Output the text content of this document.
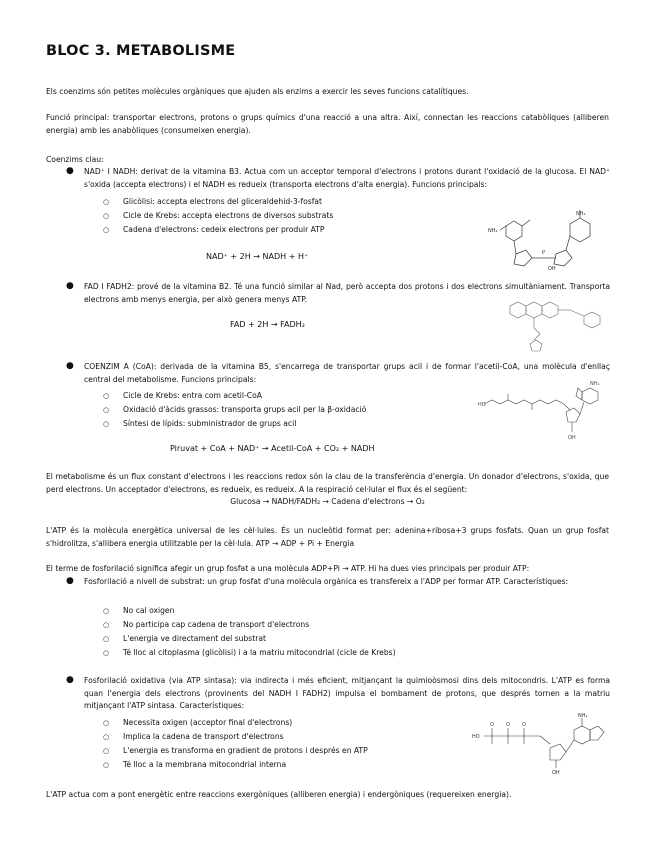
BLOC 3. METABOLISME
Els coenzims són petites molècules orgàniques que ajuden als enzims a exercir les seves funcions catalítiques.
Funció principal: transportar electrons, protons o grups químics d'una reacció a una altra. Així, connectan les reaccions catabòliques (alliberen energia) amb les anabòliques (consumeixen energia).
Coenzims clau:
● NAD⁺ I NADH: derivat de la vitamina B3. Actua com un acceptor temporal d'electrons i protons durant l'oxidació de la glucosa. El NAD⁺ s'oxida (accepta electrons) i el NADH es redueix (transporta electrons d'alta energia). Funcions principals:
○ Glicòlisi: accepta electrons del gliceraldehid-3-fosfat
○ Cicle de Krebs: accepta electrons de diversos substrats
○ Cadena d'electrons: cedeix electrons per produir ATP
NAD⁺ + 2H → NADH + H⁺
NH₂
P
OH
NH₂
● FAD I FADH2: prové de la vitamina B2. Té una funció similar al Nad, però accepta dos protons i dos electrons simultàniament. Transporta electrons amb menys energia, per això genera menys ATP.
FAD + 2H → FADH₂
● COENZIM A (CoA): derivada de la vitamina B5, s'encarrega de transportar grups acil i de formar l'acetil-CoA, una molècula d'enllaç central del metabolisme. Funcions principals:
○ Cicle de Krebs: entra com acetil-CoA
○ Oxidació d'àcids grassos: transporta grups acil per la β-oxidació
○ Síntesi de lípids: subministrador de grups acil
Piruvat + CoA + NAD⁺ → Acetil-CoA + CO₂ + NADH
HO
NH₂
OH
El metabolisme és un flux constant d'electrons i les reaccions redox són la clau de la transferència d'energia. Un donador d'electrons, s'oxida, que perd electrons. Un acceptador d'electrons, es redueix, es redueix. A la respiració cel·lular el flux és el següent:
Glucosa → NADH/FADH₂ → Cadena d'electrons → O₂
L'ATP és la molècula energètica universal de les cèl·lules. És un nucleòtid format per: adenina+ribosa+3 grups fosfats. Quan un grup fosfat s'hidrolitza, s'allibera energia utilitzable per la cèl·lula. ATP → ADP + Pi + Energia
El terme de fosforilació significa afegir un grup fosfat a una molècula ADP+Pi → ATP. Hi ha dues vies principals per produir ATP:
● Fosforilació a nivell de substrat: un grup fosfat d'una molècula orgànica es transfereix a l'ADP per formar ATP. Característiques:
○ No cal oxigen
○ No participa cap cadena de transport d'electrons
○ L'energia ve directament del substrat
○ Té lloc al citoplasma (glicòlisi) i a la matriu mitocondrial (cicle de Krebs)
● Fosforilació oxidativa (via ATP sintasa): via indirecta i més eficient, mitjançant la quimioòsmosi dins dels mitocondris. L'ATP es forma quan l'energia dels electrons (provinents del NADH I FADH2) impulsa el bombament de protons, que després tornen a la matriu mitjançant l'ATP sintasa. Característiques:
○ Necessita oxigen (acceptor final d'electrons)
○ Implica la cadena de transport d'electrons
○ L'energia es transforma en gradient de protons i després en ATP
○ Té lloc a la membrana mitocondrial interna
HO
O O O
NH₂
OH
L'ATP actua com a pont energètic entre reaccions exergòniques (alliberen energia) i endergòniques (requereixen energia).
